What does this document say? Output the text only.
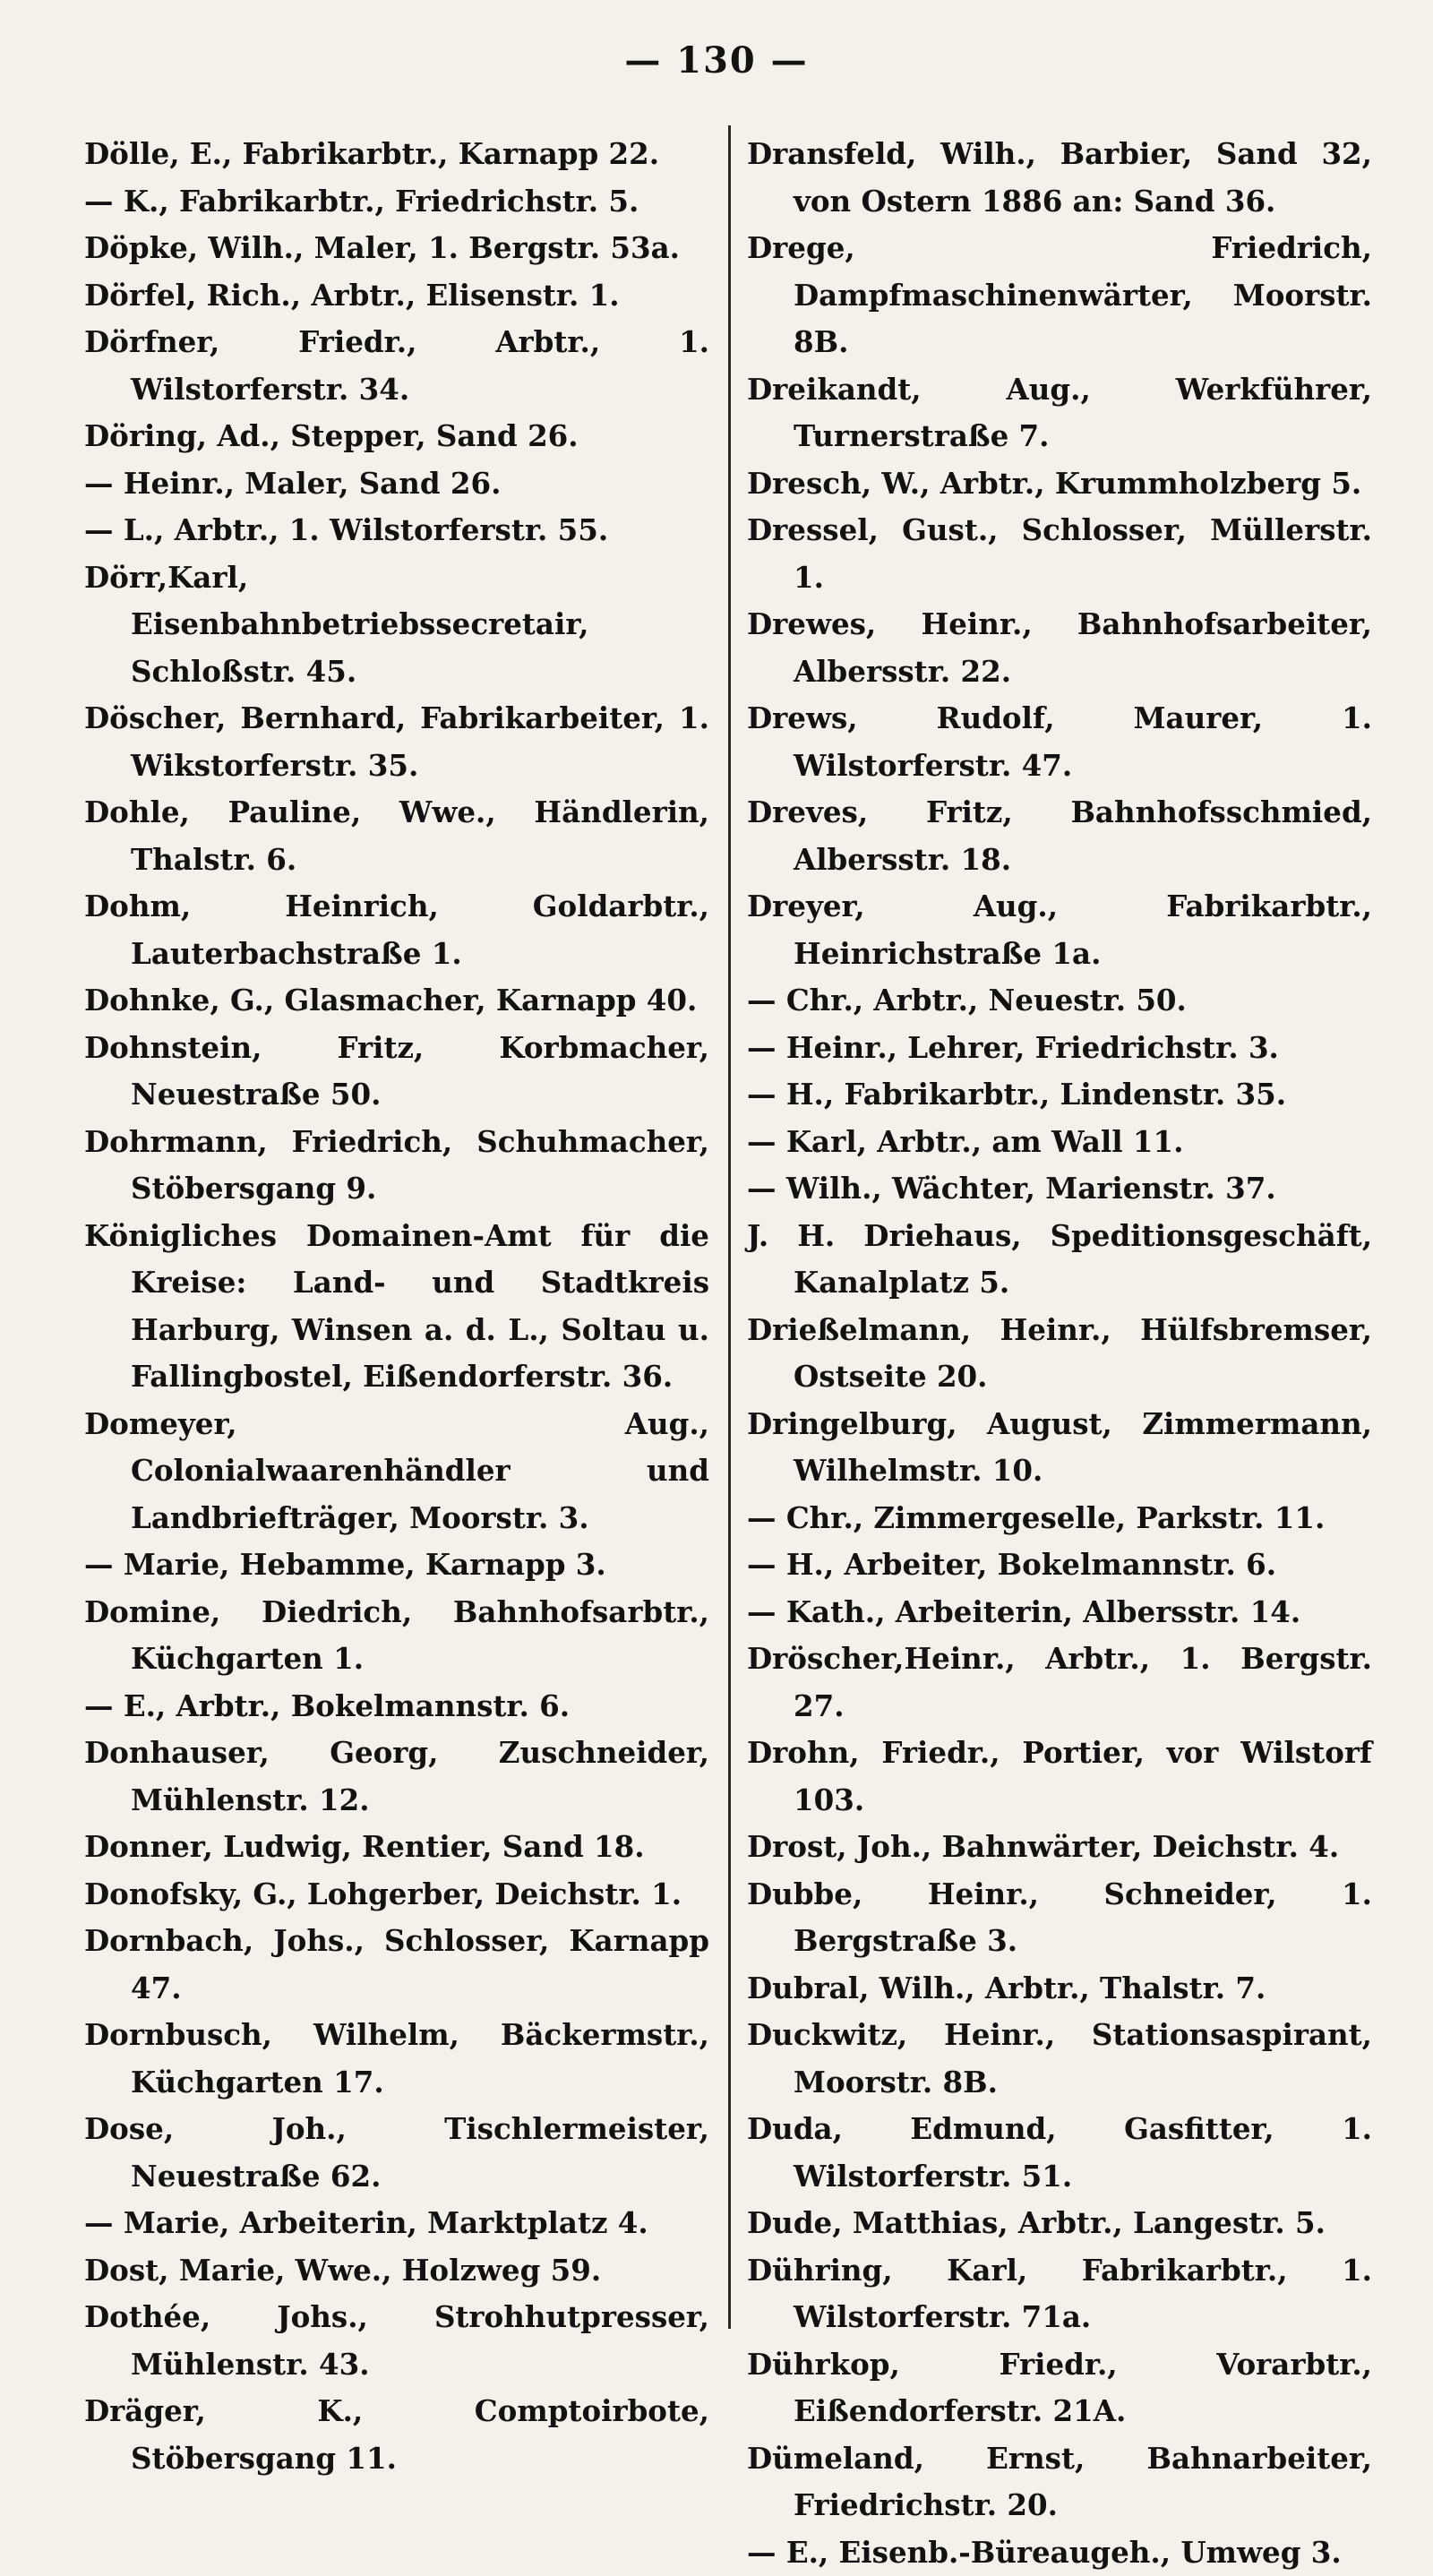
— 130 —

Dölle, E., Fabrikarbtr., Karnapp 22.

— K., Fabrikarbtr., Friedrichstr. 5.

Döpke, Wilh., Maler, 1. Bergstr. 53a.

Dörfel, Rich., Arbtr., Elisenstr. 1.

Dörfner, Friedr., Arbtr., 1. Wilstorferstr. 34.

Döring, Ad., Stepper, Sand 26.

— Heinr., Maler, Sand 26.

— L., Arbtr., 1. Wilstorferstr. 55.

Dörr,Karl, Eisenbahnbetriebssecretair, Schloßstr. 45.

Döscher, Bernhard, Fabrikarbeiter, 1. Wikstorferstr. 35.

Dohle, Pauline, Wwe., Händlerin, Thalstr. 6.

Dohm, Heinrich, Goldarbtr., Lauterbachstraße 1.

Dohnke, G., Glasmacher, Karnapp 40.

Dohnstein, Fritz, Korbmacher, Neuestraße 50.

Dohrmann, Friedrich, Schuhmacher, Stöbersgang 9.

Königliches Domainen-Amt für die Kreise: Land- und Stadtkreis Harburg, Winsen a. d. L., Soltau u. Fallingbostel, Eißendorferstr. 36.

Domeyer, Aug., Colonialwaarenhändler und Landbriefträger, Moorstr. 3.

— Marie, Hebamme, Karnapp 3.

Domine, Diedrich, Bahnhofsarbtr., Küchgarten 1.

— E., Arbtr., Bokelmannstr. 6.

Donhauser, Georg, Zuschneider, Mühlenstr. 12.

Donner, Ludwig, Rentier, Sand 18.

Donofsky, G., Lohgerber, Deichstr. 1.

Dornbach, Johs., Schlosser, Karnapp 47.

Dornbusch, Wilhelm, Bäckermstr., Küchgarten 17.

Dose, Joh., Tischlermeister, Neuestraße 62.

— Marie, Arbeiterin, Marktplatz 4.

Dost, Marie, Wwe., Holzweg 59.

Dothée, Johs., Strohhutpresser, Mühlenstr. 43.

Dräger, K., Comptoirbote, Stöbersgang 11.

Dransfeld, Wilh., Barbier, Sand 32, von Ostern 1886 an: Sand 36.

Drege, Friedrich, Dampfmaschinenwärter, Moorstr. 8B.

Dreikandt, Aug., Werkführer, Turnerstraße 7.

Dresch, W., Arbtr., Krummholzberg 5.

Dressel, Gust., Schlosser, Müllerstr. 1.

Drewes, Heinr., Bahnhofsarbeiter, Albersstr. 22.

Drews, Rudolf, Maurer, 1. Wilstorferstr. 47.

Dreves, Fritz, Bahnhofsschmied, Albersstr. 18.

Dreyer, Aug., Fabrikarbtr., Heinrichstraße 1a.

— Chr., Arbtr., Neuestr. 50.

— Heinr., Lehrer, Friedrichstr. 3.

— H., Fabrikarbtr., Lindenstr. 35.

— Karl, Arbtr., am Wall 11.

— Wilh., Wächter, Marienstr. 37.

J. H. Driehaus, Speditionsgeschäft, Kanalplatz 5.

Drießelmann, Heinr., Hülfsbremser, Ostseite 20.

Dringelburg, August, Zimmermann, Wilhelmstr. 10.

— Chr., Zimmergeselle, Parkstr. 11.

— H., Arbeiter, Bokelmannstr. 6.

— Kath., Arbeiterin, Albersstr. 14.

Dröscher,Heinr., Arbtr., 1. Bergstr. 27.

Drohn, Friedr., Portier, vor Wilstorf 103.

Drost, Joh., Bahnwärter, Deichstr. 4.

Dubbe, Heinr., Schneider, 1. Bergstraße 3.

Dubral, Wilh., Arbtr., Thalstr. 7.

Duckwitz, Heinr., Stationsaspirant, Moorstr. 8B.

Duda, Edmund, Gasfitter, 1. Wilstorferstr. 51.

Dude, Matthias, Arbtr., Langestr. 5.

Dühring, Karl, Fabrikarbtr., 1. Wilstorferstr. 71a.

Dührkop, Friedr., Vorarbtr., Eißendorferstr. 21A.

Dümeland, Ernst, Bahnarbeiter, Friedrichstr. 20.

— E., Eisenb.-Büreaugeh., Umweg 3.
